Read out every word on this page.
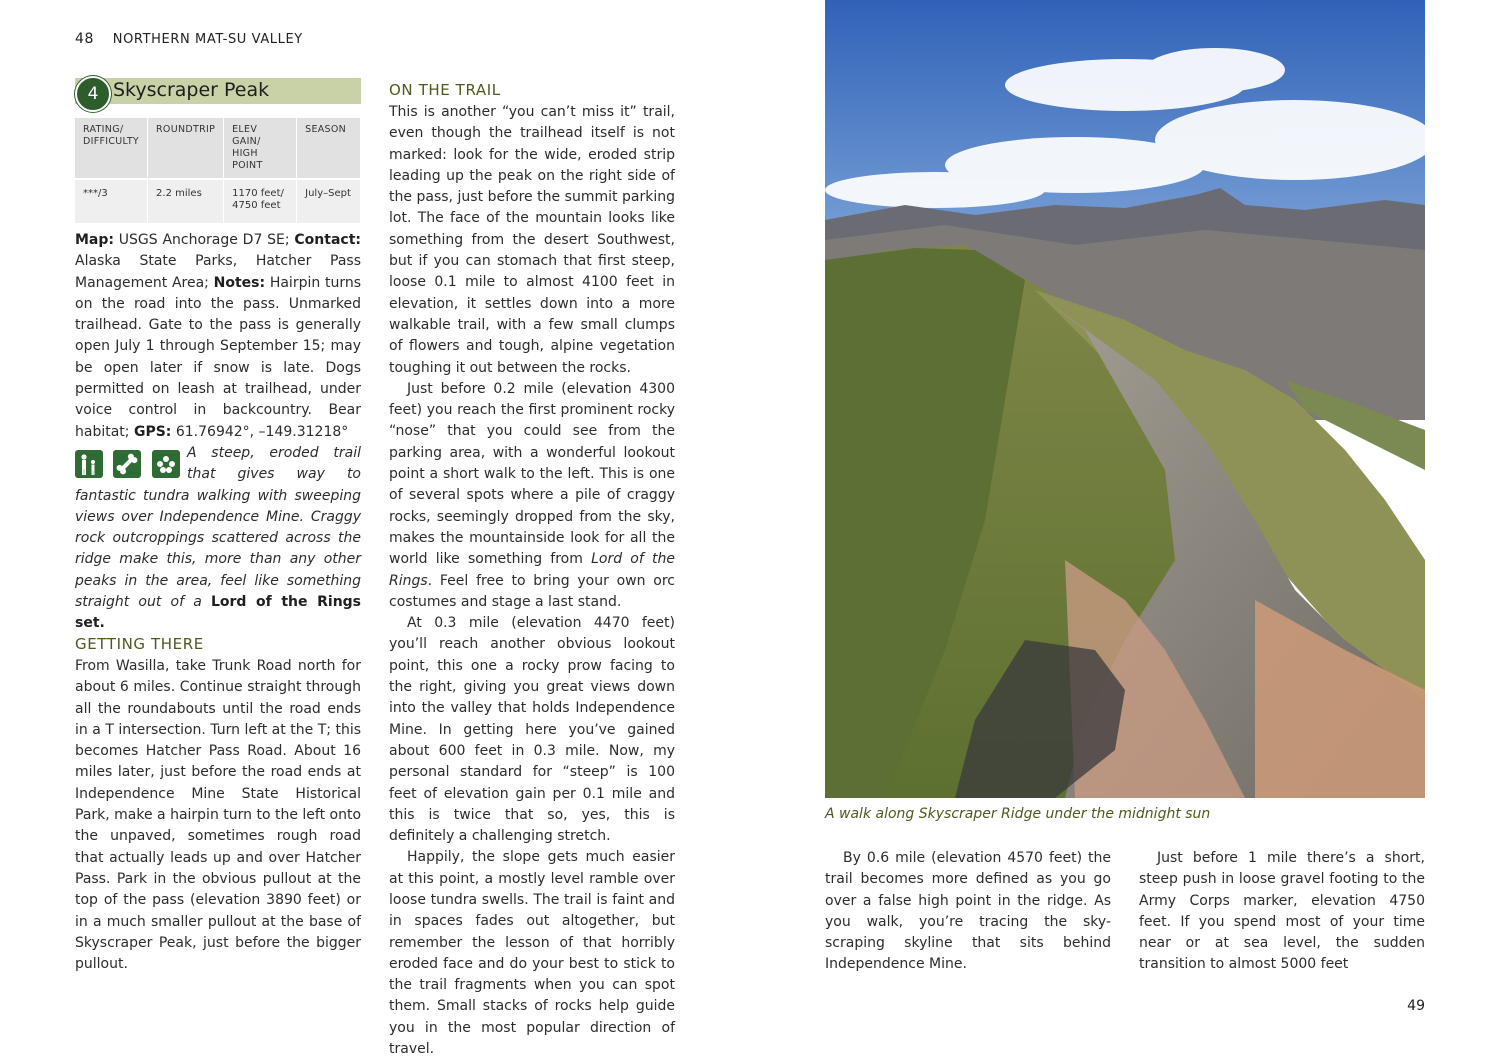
48 NORTHERN MAT-SU VALLEY
4 Skyscraper Peak
RATING/ DIFFICULTY	ROUNDTRIP	ELEV GAIN/ HIGH POINT	SEASON
***/3	2.2 miles	1170 feet/ 4750 feet	July–Sept

Map: USGS Anchorage D7 SE; Contact: Alaska State Parks, Hatcher Pass Management Area; Notes: Hairpin turns on the road into the pass. Unmarked trailhead. Gate to the pass is generally open July 1 through September 15; may be open later if snow is late. Dogs permitted on leash at trailhead, under voice control in backcountry. Bear habitat; GPS: 61.76942°, –149.31218°

A steep, eroded trail that gives way to fantastic tundra walking with sweeping views over Independence Mine. Craggy rock outcroppings scattered across the ridge make this, more than any other peaks in the area, feel like something straight out of a Lord of the Rings set.
GETTING THERE

From Wasilla, take Trunk Road north for about 6 miles. Continue straight through all the roundabouts until the road ends in a T intersection. Turn left at the T; this becomes Hatcher Pass Road. About 16 miles later, just before the road ends at Independence Mine State Historical Park, make a hairpin turn to the left onto the unpaved, sometimes rough road that actually leads up and over Hatcher Pass. Park in the obvious pullout at the top of the pass (elevation 3890 feet) or in a much smaller pullout at the base of Skyscraper Peak, just before the bigger pullout.

ON THE TRAIL

This is another “you can’t miss it” trail, even though the trailhead itself is not marked: look for the wide, eroded strip leading up the peak on the right side of the pass, just before the summit parking lot. The face of the mountain looks like something from the desert Southwest, but if you can stomach that first steep, loose 0.1 mile to almost 4100 feet in elevation, it settles down into a more walkable trail, with a few small clumps of flowers and tough, alpine vegetation toughing it out between the rocks.

Just before 0.2 mile (elevation 4300 feet) you reach the first prominent rocky “nose” that you could see from the parking area, with a wonderful lookout point a short walk to the left. This is one of several spots where a pile of craggy rocks, seemingly dropped from the sky, makes the mountainside look for all the world like something from Lord of the Rings. Feel free to bring your own orc costumes and stage a last stand.

At 0.3 mile (elevation 4470 feet) you’ll reach another obvious lookout point, this one a rocky prow facing to the right, giving you great views down into the valley that holds Independence Mine. In getting here you’ve gained about 600 feet in 0.3 mile. Now, my personal standard for “steep” is 100 feet of elevation gain per 0.1 mile and this is twice that so, yes, this is definitely a challenging stretch.

Happily, the slope gets much easier at this point, a mostly level ramble over loose tundra swells. The trail is faint and in spaces fades out altogether, but remember the lesson of that horribly eroded face and do your best to stick to the trail fragments when you can spot them. Small stacks of rocks help guide you in the most popular direction of travel.

A walk along Skyscraper Ridge under the midnight sun

By 0.6 mile (elevation 4570 feet) the trail becomes more defined as you go over a false high point in the ridge. As you walk, you’re tracing the sky-scraping skyline that sits behind Independence Mine.

Just before 1 mile there’s a short, steep push in loose gravel footing to the Army Corps marker, elevation 4750 feet. If you spend most of your time near or at sea level, the sudden transition to almost 5000 feet

49
